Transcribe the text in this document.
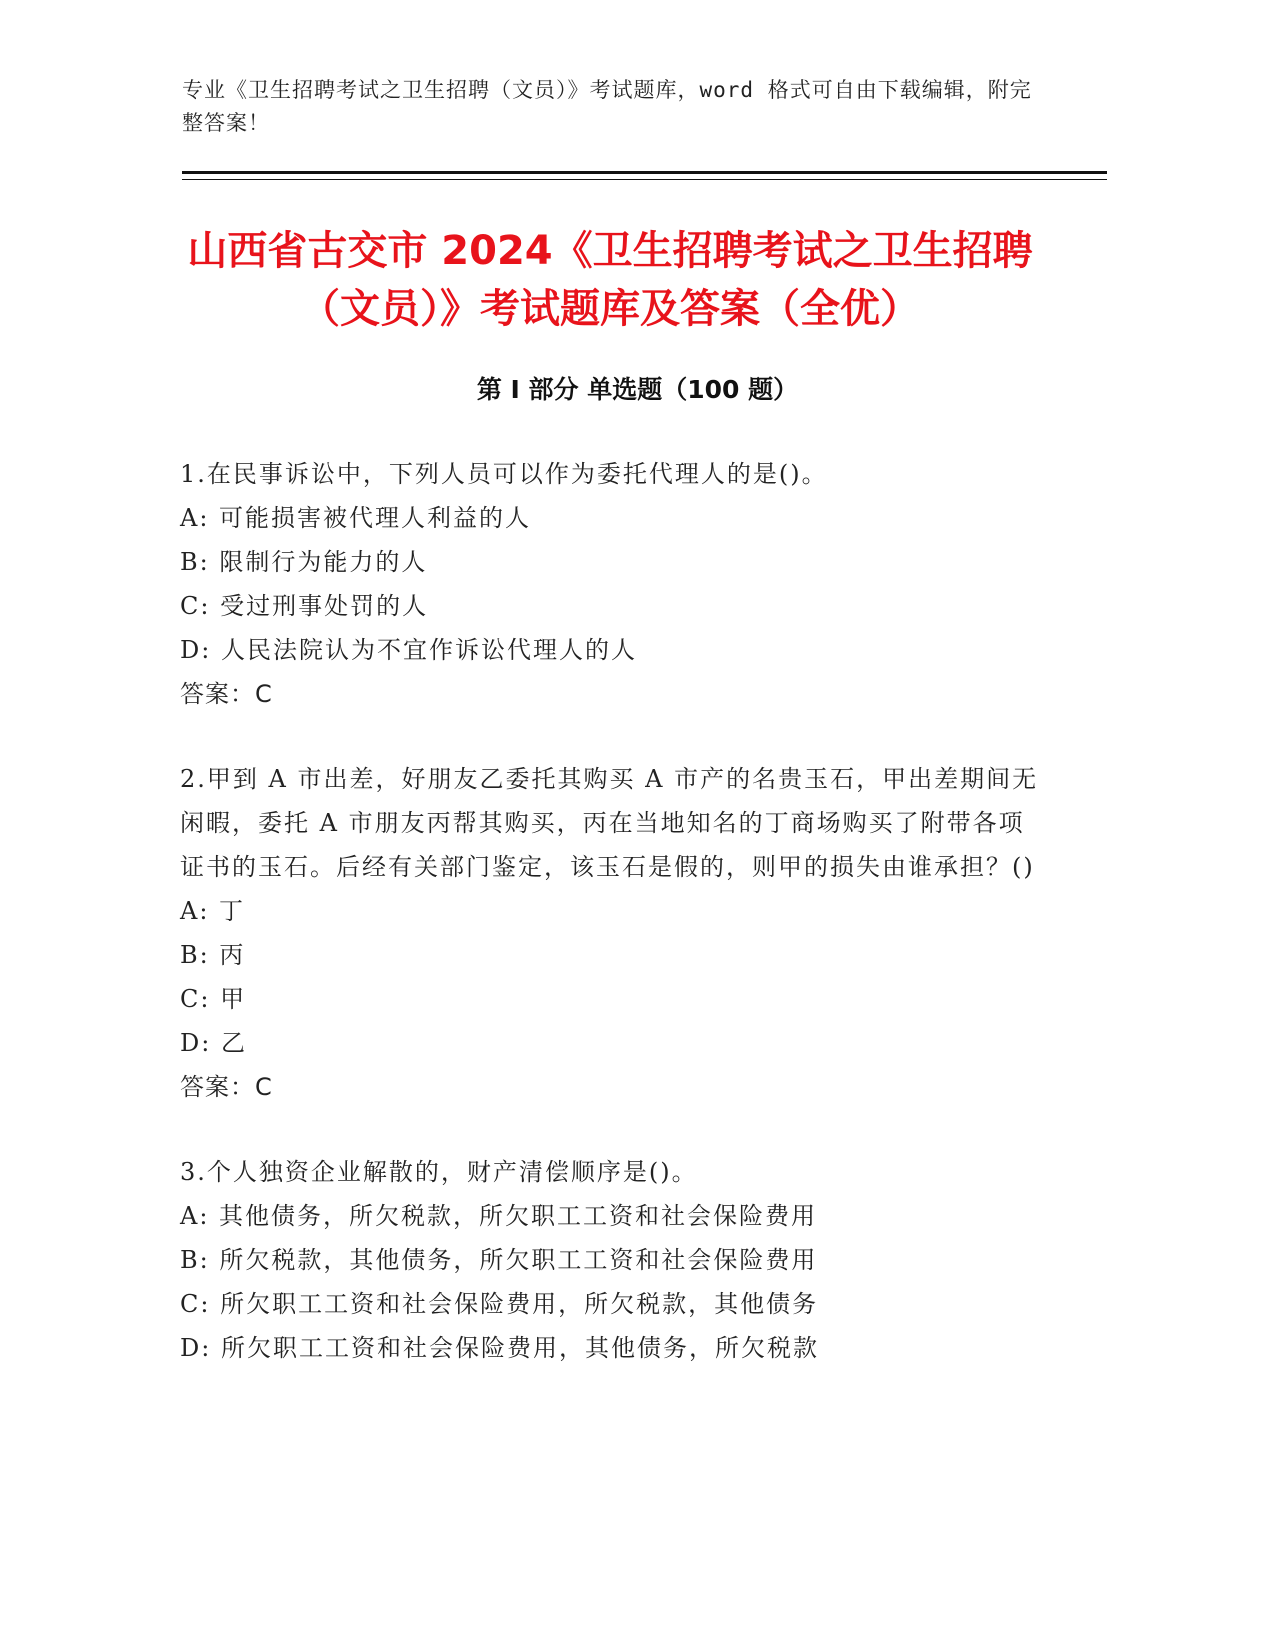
专业《卫生招聘考试之卫生招聘（文员）》考试题库，word 格式可自由下载编辑，附完整答案！
山西省古交市 2024《卫生招聘考试之卫生招聘（文员）》考试题库及答案（全优）
第 I 部分 单选题（100 题）

1.在民事诉讼中，下列人员可以作为委托代理人的是()。

A: 可能损害被代理人利益的人

B: 限制行为能力的人

C: 受过刑事处罚的人

D: 人民法院认为不宜作诉讼代理人的人

答案：C

2.甲到 A 市出差，好朋友乙委托其购买 A 市产的名贵玉石，甲出差期间无闲暇，委托 A 市朋友丙帮其购买，丙在当地知名的丁商场购买了附带各项证书的玉石。后经有关部门鉴定，该玉石是假的，则甲的损失由谁承担？()

A: 丁

B: 丙

C: 甲

D: 乙

答案：C

3.个人独资企业解散的，财产清偿顺序是()。

A: 其他债务，所欠税款，所欠职工工资和社会保险费用

B: 所欠税款，其他债务，所欠职工工资和社会保险费用

C: 所欠职工工资和社会保险费用，所欠税款，其他债务

D: 所欠职工工资和社会保险费用，其他债务，所欠税款
